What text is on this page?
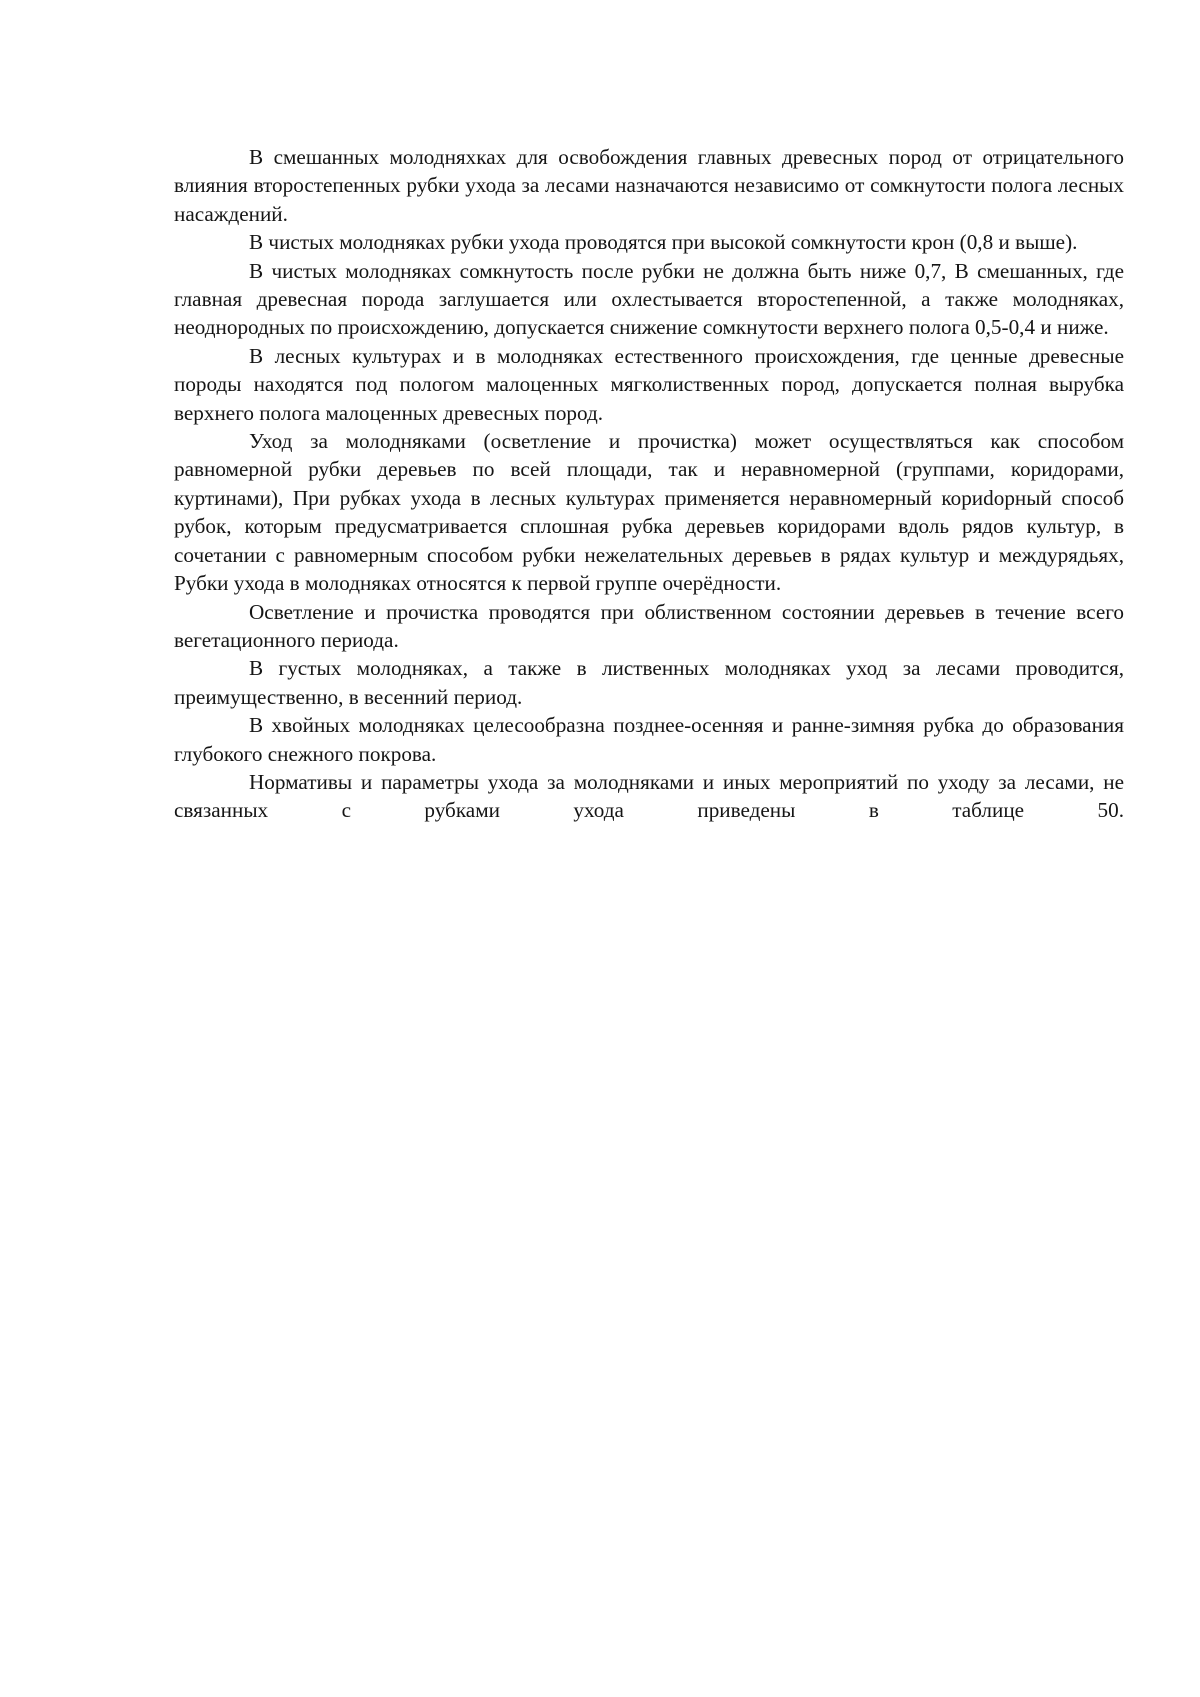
В смешанных молодняхках для освобождения главных древесных пород от отрицательного влияния второстепенных рубки ухода за лесами назначаются независимо от сомкнутости полога лесных насаждений.

В чистых молодняках рубки ухода проводятся при высокой сомкнутости крон (0,8 и выше).

В чистых молодняках сомкнутость после рубки не должна быть ниже 0,7, В смешанных, где главная древесная порода заглушается или охлестывается второстепенной, а также молодняках, неоднородных по происхождению, допускается снижение сомкнутости верхнего полога 0,5-0,4 и ниже.

В лесных культурах и в молодняках естественного происхождения, где ценные древесные породы находятся под пологом малоценных мягколиственных пород, допускается полная вырубка верхнего полога малоценных древесных пород.

Уход за молодняками (осветление и прочистка) может осуществляться как способом равномерной рубки деревьев по всей площади, так и неравномерной (группами, коридорами, куртинами), При рубках ухода в лесных культурах применяется неравномерный кориdорный способ рубок, которым предусматривается сплошная рубка деревьев коридорами вдоль рядов культур, в сочетании с равномерным способом рубки нежелательных деревьев в рядах культур и междурядьях, Рубки ухода в молодняках относятся к первой группе очерёдности.

Осветление и прочистка проводятся при облиственном состоянии деревьев в течение всего вегетационного периода.

В густых молодняках, а также в лиственных молодняках уход за лесами проводится, преимущественно, в весенний период.

В хвойных молодняках целесообразна позднее-осенняя и ранне-зимняя рубка до образования глубокого снежного покрова.

Нормативы и параметры ухода за молодняками и иных мероприятий по уходу за лесами, не связанных с рубками ухода приведены в таблице 50.
